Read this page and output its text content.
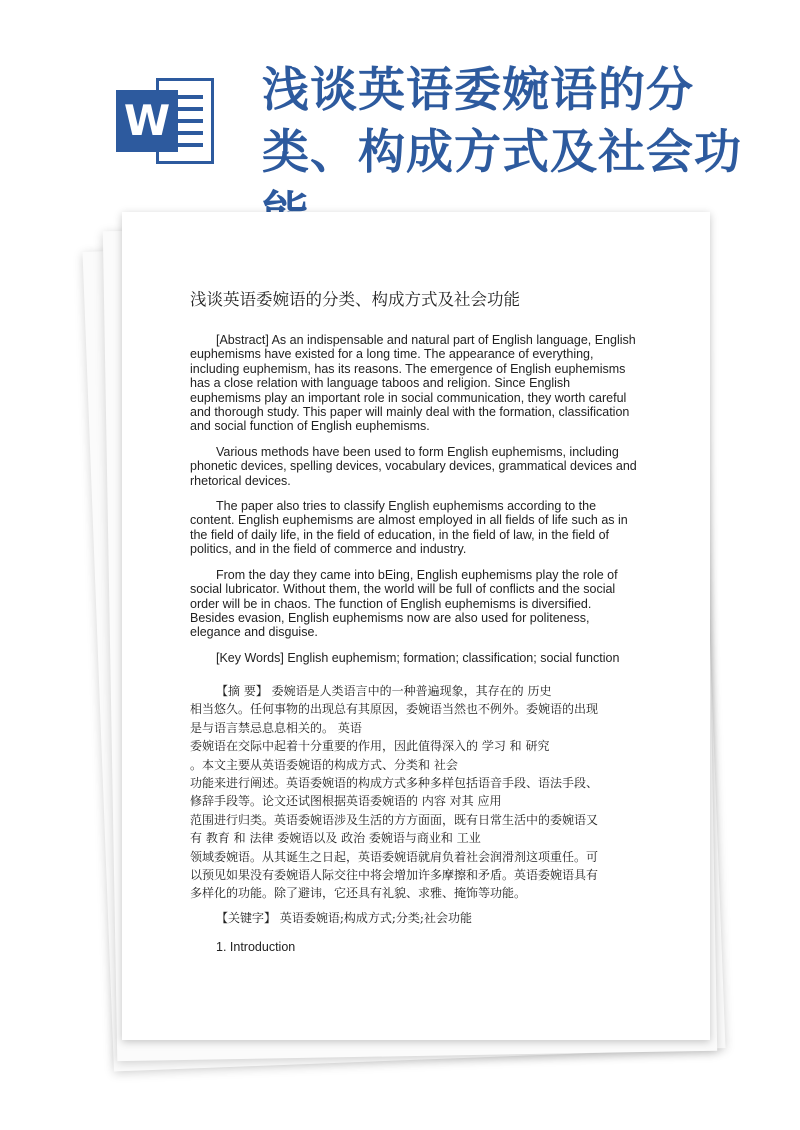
W
浅谈英语委婉语的分类、构成方式及社会功
浅谈英语委婉语的分类、构成方式及社会功能

[Abstract] As an indispensable and natural part of English language, English euphemisms have existed for a long time. The appearance of everything, including euphemism, has its reasons. The emergence of English euphemisms has a close relation with language taboos and religion. Since English euphemisms play an important role in social communication, they worth careful and thorough study. This paper will mainly deal with the formation, classification and social function of English euphemisms.

Various methods have been used to form English euphemisms, including phonetic devices, spelling devices, vocabulary devices, grammatical devices and rhetorical devices.

The paper also tries to classify English euphemisms according to the content. English euphemisms are almost employed in all fields of life such as in the field of daily life, in the field of education, in the field of law, in the field of politics, and in the field of commerce and industry.

From the day they came into bEing, English euphemisms play the role of social lubricator. Without them, the world will be full of conflicts and the social order will be in chaos. The function of English euphemisms is diversified. Besides evasion, English euphemisms now are also used for politeness, elegance and disguise.

[Key Words] English euphemism; formation; classification; social function

【摘 要】 委婉语是人类语言中的一种普遍现象，其存在的 历史
相当悠久。任何事物的出现总有其原因，委婉语当然也不例外。委婉语的出现
是与语言禁忌息息相关的。 英语
委婉语在交际中起着十分重要的作用，因此值得深入的 学习 和 研究
。本文主要从英语委婉语的构成方式、分类和 社会
功能来进行阐述。英语委婉语的构成方式多种多样包括语音手段、语法手段、
修辞手段等。论文还试图根据英语委婉语的 内容 对其 应用
范围进行归类。英语委婉语涉及生活的方方面面，既有日常生活中的委婉语又
有 教育 和 法律 委婉语以及 政治 委婉语与商业和 工业
领域委婉语。从其诞生之日起，英语委婉语就肩负着社会润滑剂这项重任。可
以预见如果没有委婉语人际交往中将会增加许多摩擦和矛盾。英语委婉语具有
多样化的功能。除了避讳，它还具有礼貌、求雅、掩饰等功能。
【关键字】 英语委婉语;构成方式;分类;社会功能
1. Introduction
